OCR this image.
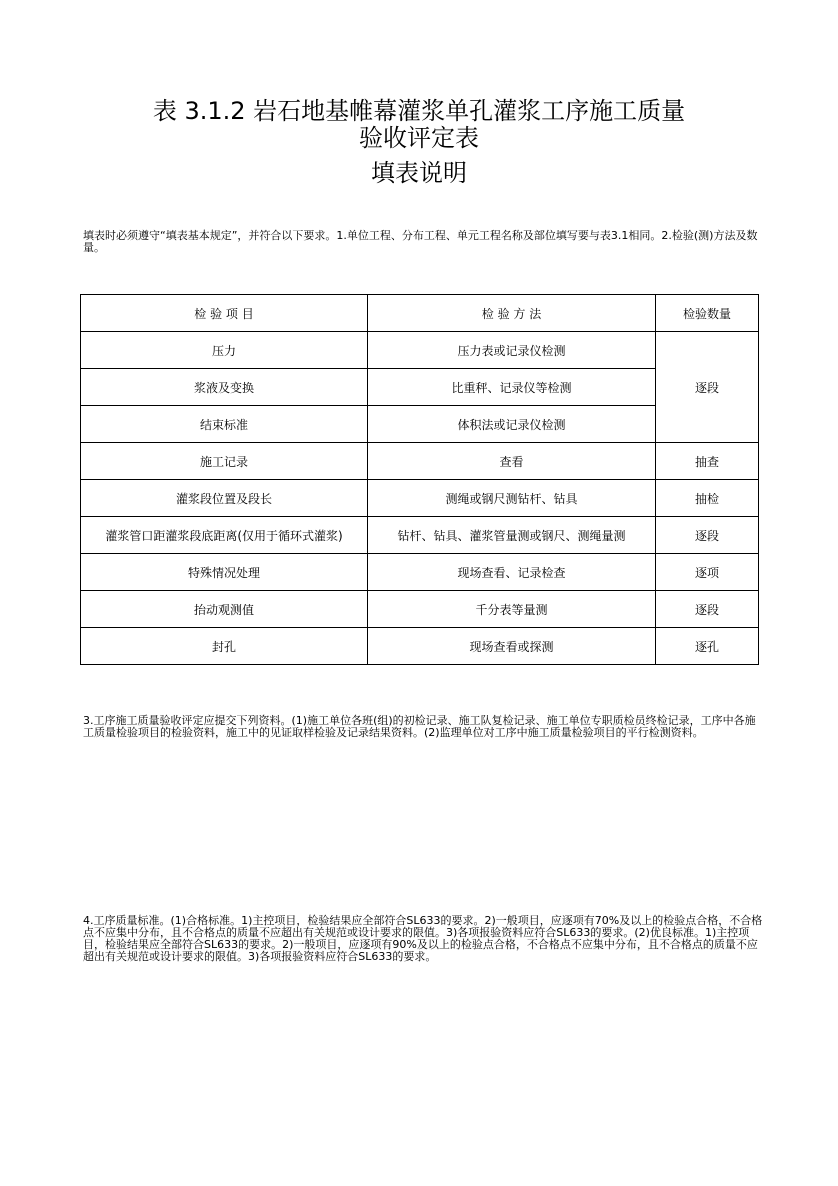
表 3.1.2 岩石地基帷幕灌浆单孔灌浆工序施工质量
验收评定表
填表说明
填表时必须遵守“填表基本规定”，并符合以下要求。1.单位工程、分布工程、单元工程名称及部位填写要与表3.1相同。2.检验(测)方法及数量。
检 验 项 目	检 验 方 法	检验数量
压力	压力表或记录仪检测	逐段
浆液及变换	比重秤、记录仪等检测	
结束标准	体积法或记录仪检测	
施工记录	查看	抽查
灌浆段位置及段长	测绳或钢尺测钻杆、钻具	抽检
灌浆管口距灌浆段底距离(仅用于循环式灌浆)	钻杆、钻具、灌浆管量测或钢尺、测绳量测	逐段
特殊情况处理	现场查看、记录检查	逐项
抬动观测值	千分表等量测	逐段
封孔	现场查看或探测	逐孔
3.工序施工质量验收评定应提交下列资料。(1)施工单位各班(组)的初检记录、施工队复检记录、施工单位专职质检员终检记录，工序中各施工质量检验项目的检验资料，施工中的见证取样检验及记录结果资料。(2)监理单位对工序中施工质量检验项目的平行检测资料。
4.工序质量标准。(1)合格标准。1)主控项目，检验结果应全部符合SL633的要求。2)一般项目，应逐项有70%及以上的检验点合格，不合格点不应集中分布，且不合格点的质量不应超出有关规范或设计要求的限值。3)各项报验资料应符合SL633的要求。(2)优良标准。1)主控项目，检验结果应全部符合SL633的要求。2)一般项目，应逐项有90%及以上的检验点合格，不合格点不应集中分布，且不合格点的质量不应超出有关规范或设计要求的限值。3)各项报验资料应符合SL633的要求。
